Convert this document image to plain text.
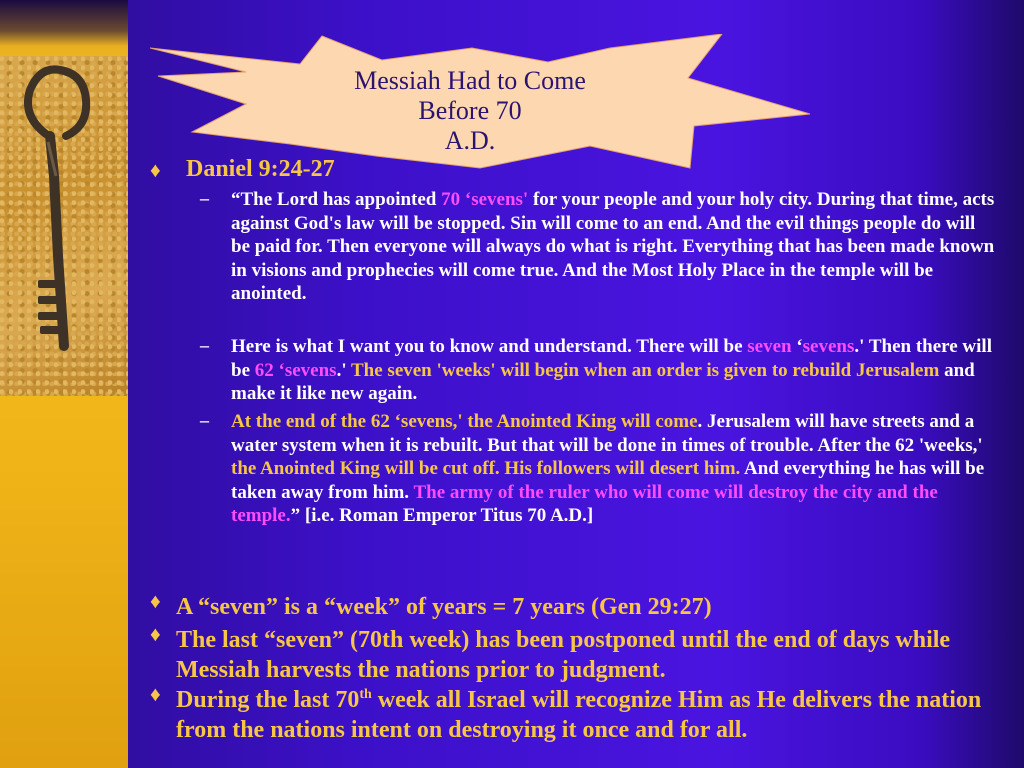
Messiah Had to Come Before 70
A.D.
♦ Daniel 9:24-27
– “The Lord has appointed 70 ‘sevens' for your people and your holy city. During that time, acts against God's law will be stopped. Sin will come to an end. And the evil things people do will be paid for. Then everyone will always do what is right. Everything that has been made known in visions and prophecies will come true. And the Most Holy Place in the temple will be anointed.
– Here is what I want you to know and understand. There will be seven ‘sevens.' Then there will be 62 ‘sevens.' The seven 'weeks' will begin when an order is given to rebuild Jerusalem and make it like new again.
– At the end of the 62 ‘sevens,' the Anointed King will come. Jerusalem will have streets and a water system when it is rebuilt. But that will be done in times of trouble. After the 62 'weeks,' the Anointed King will be cut off. His followers will desert him. And everything he has will be taken away from him. The army of the ruler who will come will destroy the city and the temple.” [i.e. Roman Emperor Titus 70 A.D.]
♦ A “seven” is a “week” of years = 7 years (Gen 29:27)
♦ The last “seven” (70th week) has been postponed until the end of days while Messiah harvests the nations prior to judgment.
♦ During the last 70th week all Israel will recognize Him as He delivers the nation from the nations intent on destroying it once and for all.
